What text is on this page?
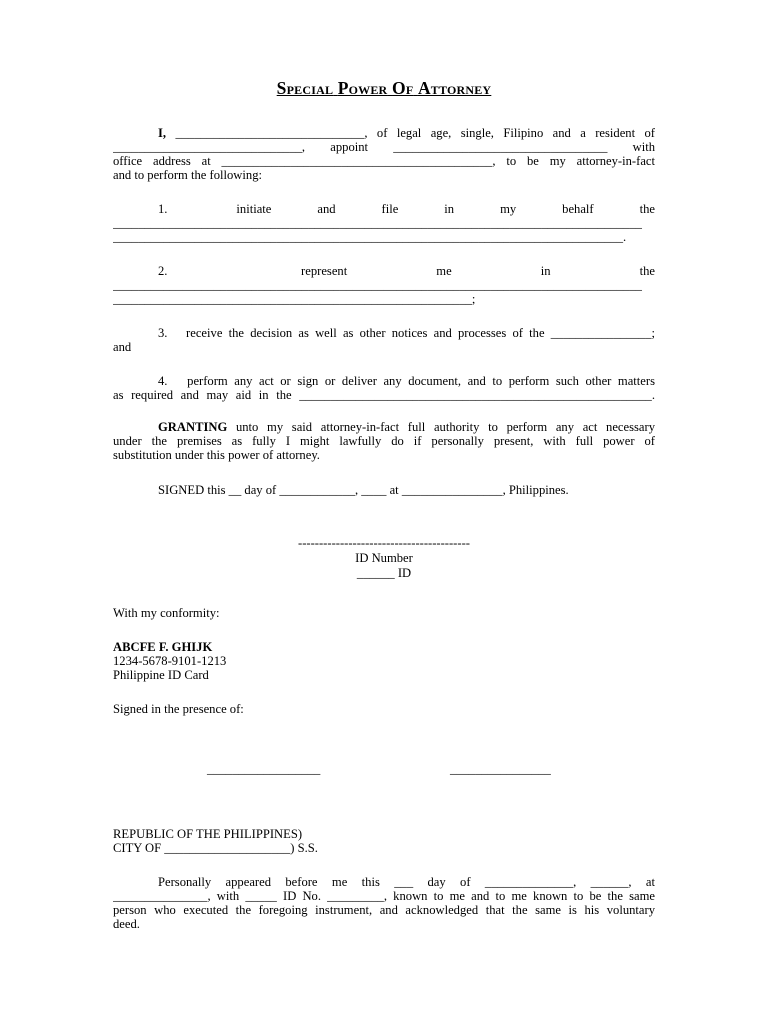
Special Power Of Attorney
I, ______________________________, of legal age, single, Filipino and a resident of
______________________________, appoint __________________________________ with
office address at ___________________________________________, to be my attorney-in-fact
and to perform the following:
1.   initiate  and  file  in  my  behalf  the
____________________________________________________________________________________
_________________________________________________________________________________.
2.   represent  me  in  the
____________________________________________________________________________________
_________________________________________________________;
3.   receive the decision as well as other notices and processes of the ________________;
and
4.   perform any act or sign or deliver any document, and to perform such other matters
as required and may aid in the ________________________________________________________.
GRANTING unto my said attorney-in-fact full authority to perform any act necessary
under the premises as fully I might lawfully do if personally present, with full power of
substitution under this power of attorney.
SIGNED this __ day of ____________, ____ at ________________, Philippines.
-----------------------------------------
ID Number
______ ID
With my conformity:
ABCFE F. GHIJK
1234-5678-9101-1213
Philippine ID Card
Signed in the presence of:
__________________	________________
REPUBLIC OF THE PHILIPPINES)
CITY OF ____________________) S.S.
Personally  appeared  before  me  this  ___  day  of  ______________,  ______,  at
_______________, with _____ ID No. _________, known to me and to me known to be the same
person who executed the foregoing instrument, and acknowledged that the same is his voluntary
deed.
